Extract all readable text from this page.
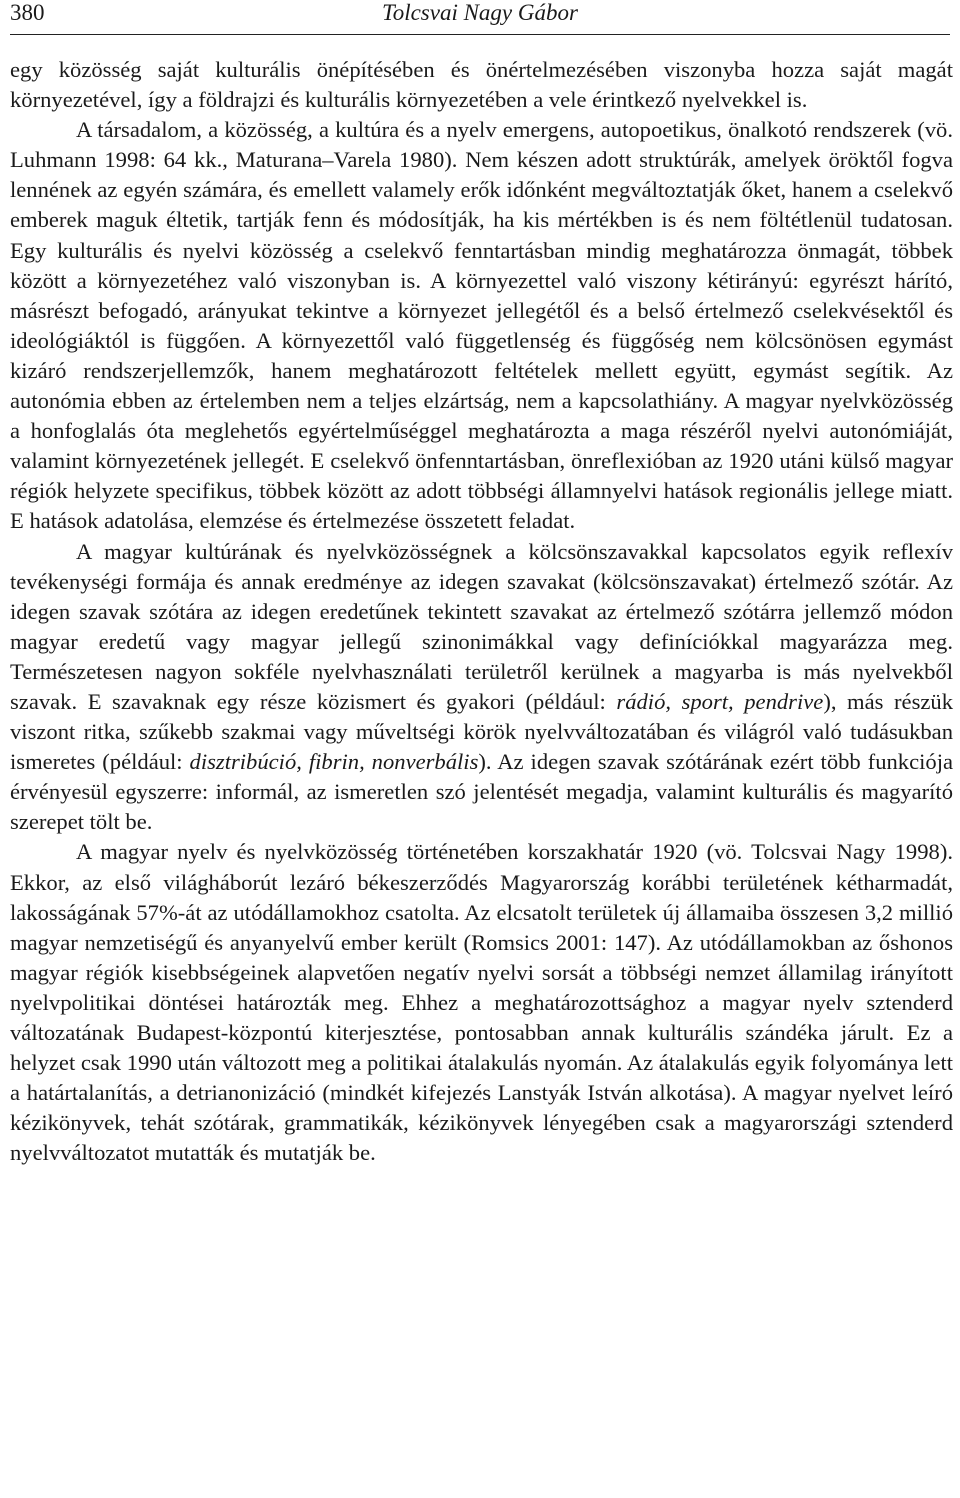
380	Tolcsvai Nagy Gábor

egy közösség saját kulturális önépítésében és önértelmezésében viszonyba hozza saját magát környezetével, így a földrajzi és kulturális környezetében a vele érintkező nyelvekkel is.

A társadalom, a közösség, a kultúra és a nyelv emergens, autopoetikus, önalkotó rendszerek (vö. Luhmann 1998: 64 kk., Maturana–Varela 1980). Nem készen adott struktúrák, amelyek öröktől fogva lennének az egyén számára, és emellett valamely erők időnként megváltoztatják őket, hanem a cselekvő emberek maguk éltetik, tartják fenn és módosítják, ha kis mértékben is és nem föltétlenül tudatosan. Egy kulturális és nyelvi közösség a cselekvő fenntartásban mindig meghatározza önmagát, többek között a környezetéhez való viszonyban is. A környezettel való viszony kétirányú: egyrészt hárító, másrészt befogadó, arányukat tekintve a környezet jellegétől és a belső értelmező cselekvésektől és ideológiáktól is függően. A környezettől való függetlenség és függőség nem kölcsönösen egymást kizáró rendszerjellemzők, hanem meghatározott feltételek mellett együtt, egymást segítik. Az autonómia ebben az értelemben nem a teljes elzártság, nem a kapcsolathiány. A magyar nyelvközösség a honfoglalás óta meglehetős egyértelműséggel meghatározta a maga részéről nyelvi autonómiáját, valamint környezetének jellegét. E cselekvő önfenntartásban, önreflexióban az 1920 utáni külső magyar régiók helyzete specifikus, többek között az adott többségi államnyelvi hatások regionális jellege miatt. E hatások adatolása, elemzése és értelmezése összetett feladat.

A magyar kultúrának és nyelvközösségnek a kölcsönszavakkal kapcsolatos egyik reflexív tevékenységi formája és annak eredménye az idegen szavakat (kölcsönszavakat) értelmező szótár. Az idegen szavak szótára az idegen eredetűnek tekintett szavakat az értelmező szótárra jellemző módon magyar eredetű vagy magyar jellegű szinonimákkal vagy definíciókkal magyarázza meg. Természetesen nagyon sokféle nyelvhasználati területről kerülnek a magyarba is más nyelvekből szavak. E szavaknak egy része közismert és gyakori (például: rádió, sport, pendrive), más részük viszont ritka, szűkebb szakmai vagy műveltségi körök nyelvváltozatában és világról való tudásukban ismeretes (például: disztribúció, fibrin, nonverbális). Az idegen szavak szótárának ezért több funkciója érvényesül egyszerre: informál, az ismeretlen szó jelentését megadja, valamint kulturális és magyarító szerepet tölt be.

A magyar nyelv és nyelvközösség történetében korszakhatár 1920 (vö. Tolcsvai Nagy 1998). Ekkor, az első világháborút lezáró békeszerződés Magyarország korábbi területének kétharmadát, lakosságának 57%-át az utódállamokhoz csatolta. Az elcsatolt területek új államaiba összesen 3,2 millió magyar nemzetiségű és anyanyelvű ember került (Romsics 2001: 147). Az utódállamokban az őshonos magyar régiók kisebbségeinek alapvetően negatív nyelvi sorsát a többségi nemzet államilag irányított nyelvpolitikai döntései határozták meg. Ehhez a meghatározottsághoz a magyar nyelv sztenderd változatának Budapest-központú kiterjesztése, pontosabban annak kulturális szándéka járult. Ez a helyzet csak 1990 után változott meg a politikai átalakulás nyomán. Az átalakulás egyik folyománya lett a határtalanítás, a detrianonizáció (mindkét kifejezés Lanstyák István alkotása). A magyar nyelvet leíró kézikönyvek, tehát szótárak, grammatikák, kézikönyvek lényegében csak a magyarországi sztenderd nyelvváltozatot mutatták és mutatják be.
